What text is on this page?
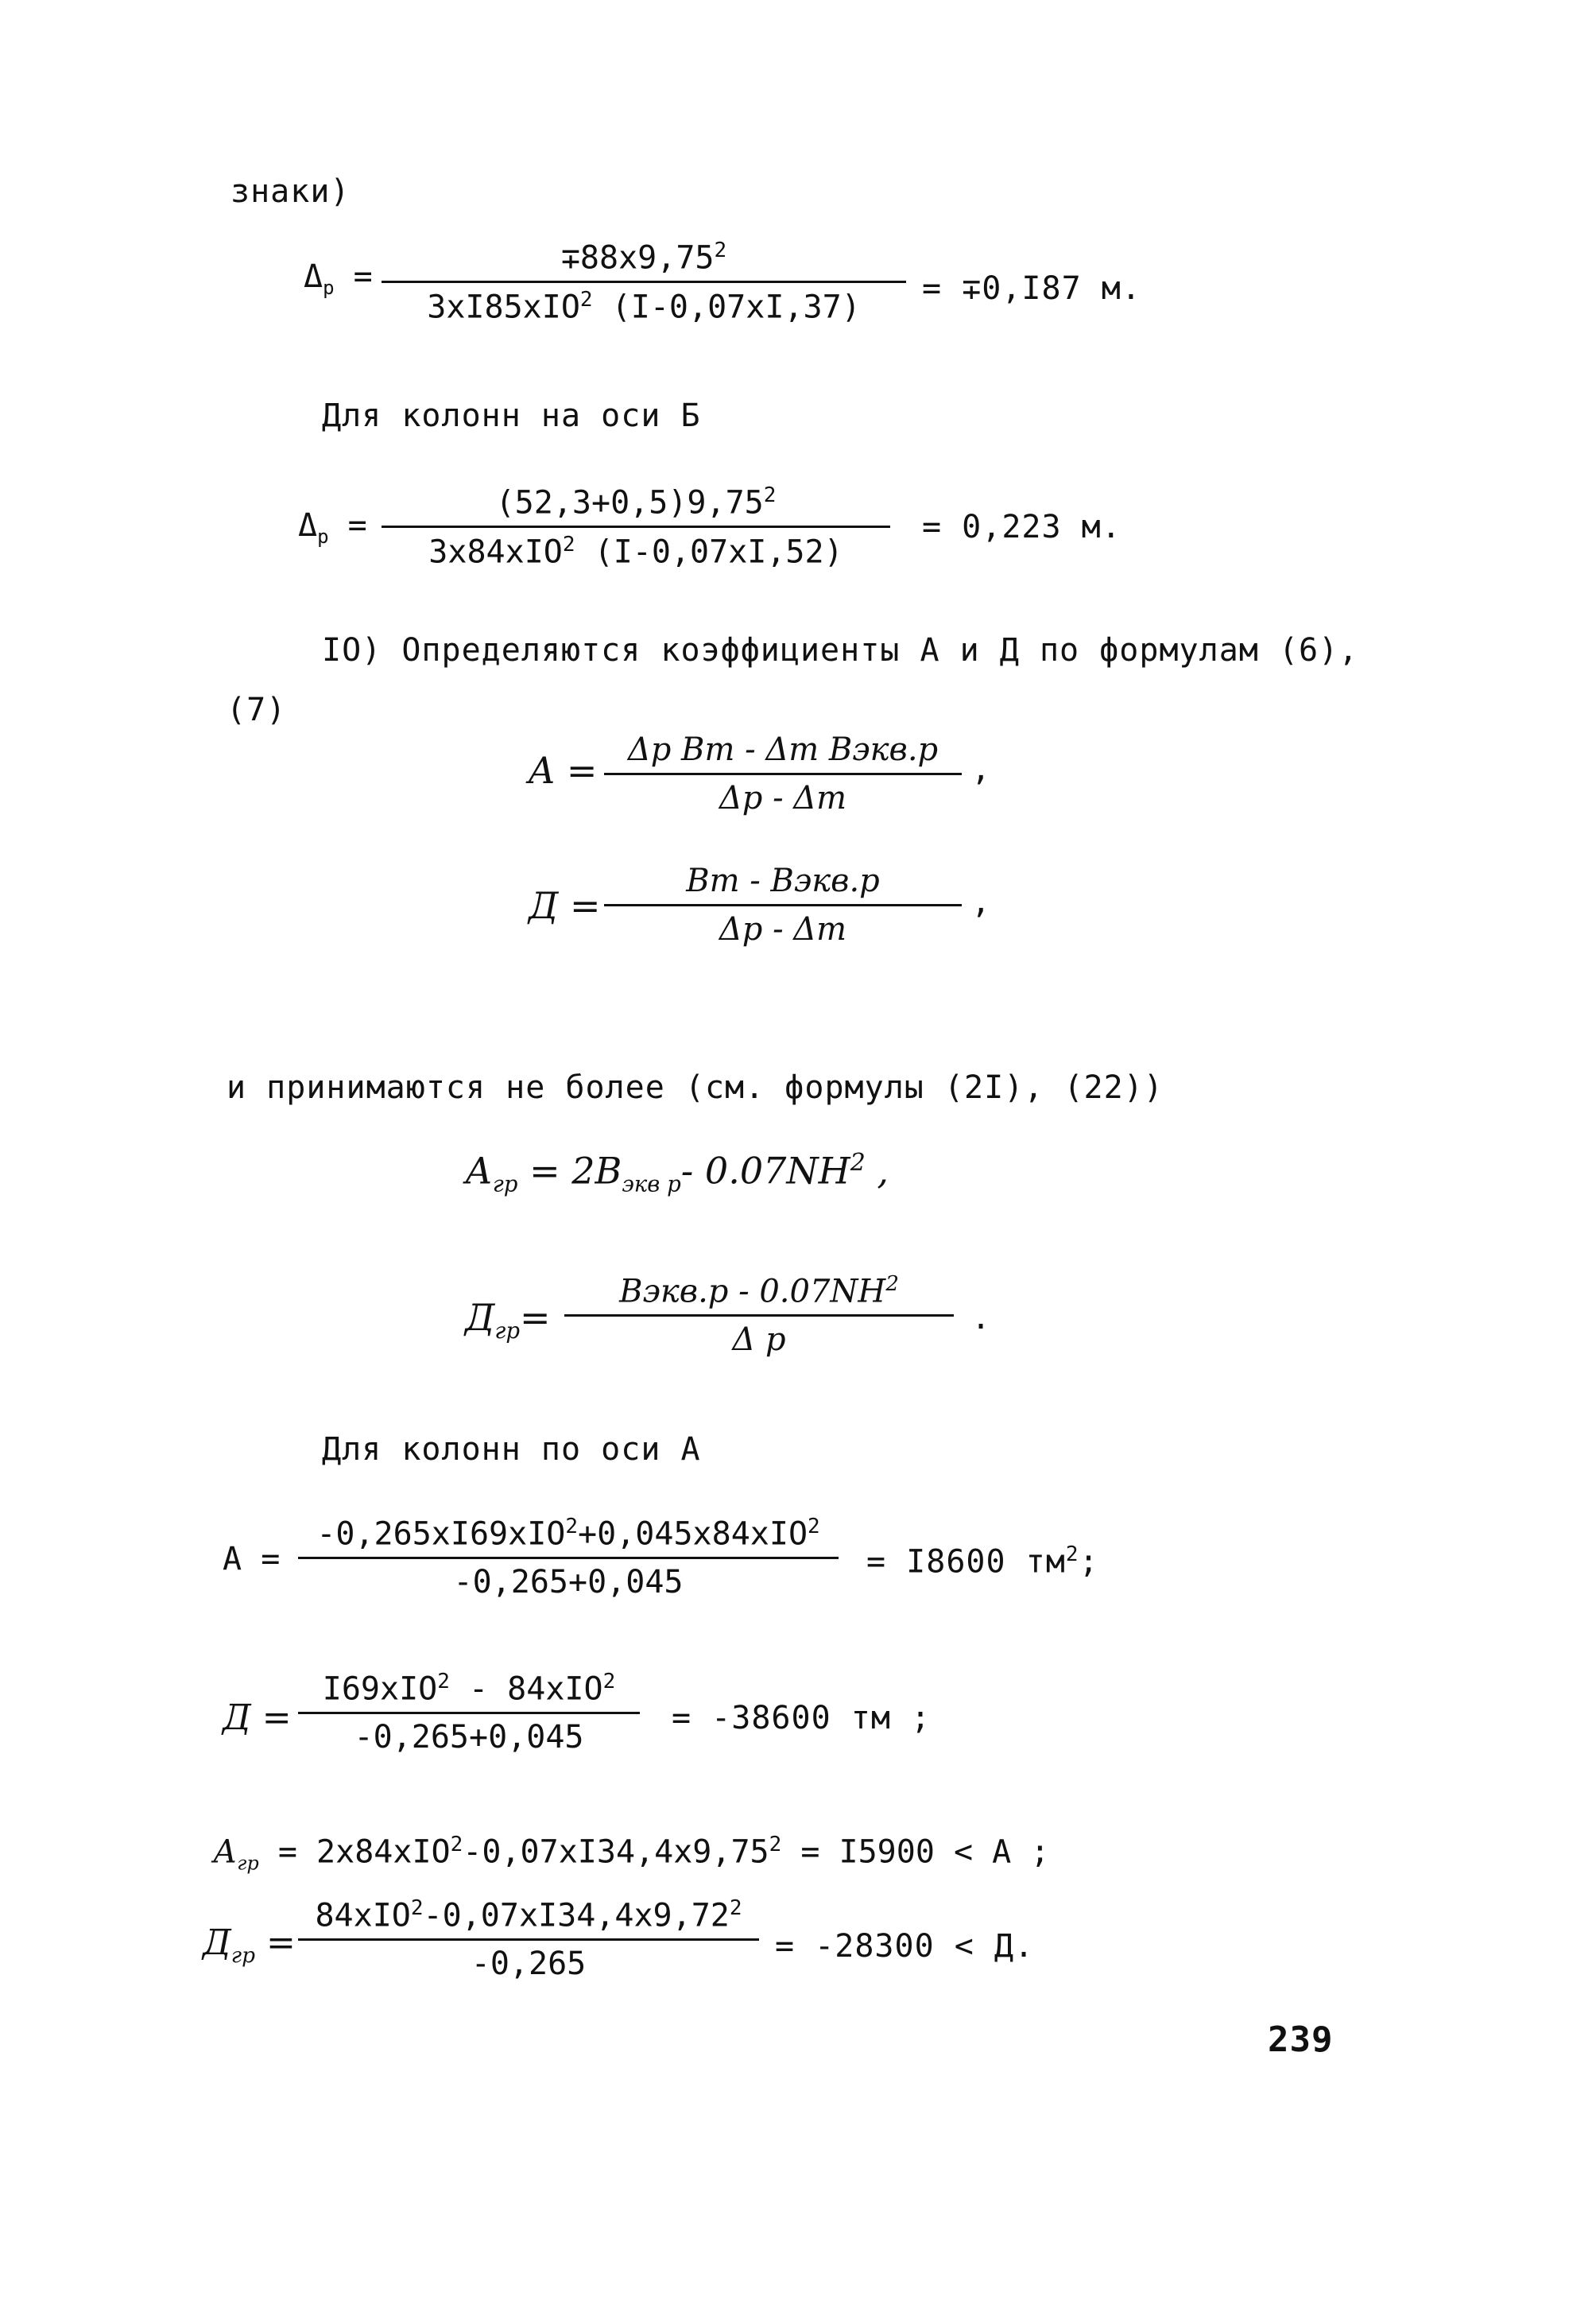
знаки)
$\Delta_р$ =
$\mp 88x9,75^2$
3xI85xIO$^2$ (I-0,07xI,37)
= ∓0,I87 м.
Для колонн на оси Б
$\Delta_р$ =
$(52,3+0,5)9,75^2$
3x84xIO$^2$ (I-0,07xI,52)
= 0,223 м.
IO) Определяются коэффициенты А и Д по формулам (6),
(7)
A = Δр Вт - Δт Вэкв.р
Δр - Δт
,
Д =
Вт - Вэкв.р
Δр - Δт
,
и принимаются не более (см. формулы (2I), (22))
$А_{гр} = 2В_{экв р}-$ $0.07NH^2$ ,
$Д_{гр}=$
Вэкв.р - $0.07NH^2$
Δ р
.
Для колонн по оси А
А =
-0,265xI69xIO$^2$+0,045x84xIO$^2$
-0,265+0,045
= I8600 $тм^2$;
Д =
I69xIO$^2$ - 84xIO$^2$
-0,265+0,045
= -38600 тм ;
$А_{гр} = 2x84xIO^2-0,07xI34,4x9,75^2 = I5900 < А$ ;
$Д_{гр}$ =
$84xIO^2-0,07xI34,4x9,72^2$
-0,265	= -28300 < Д.
239
